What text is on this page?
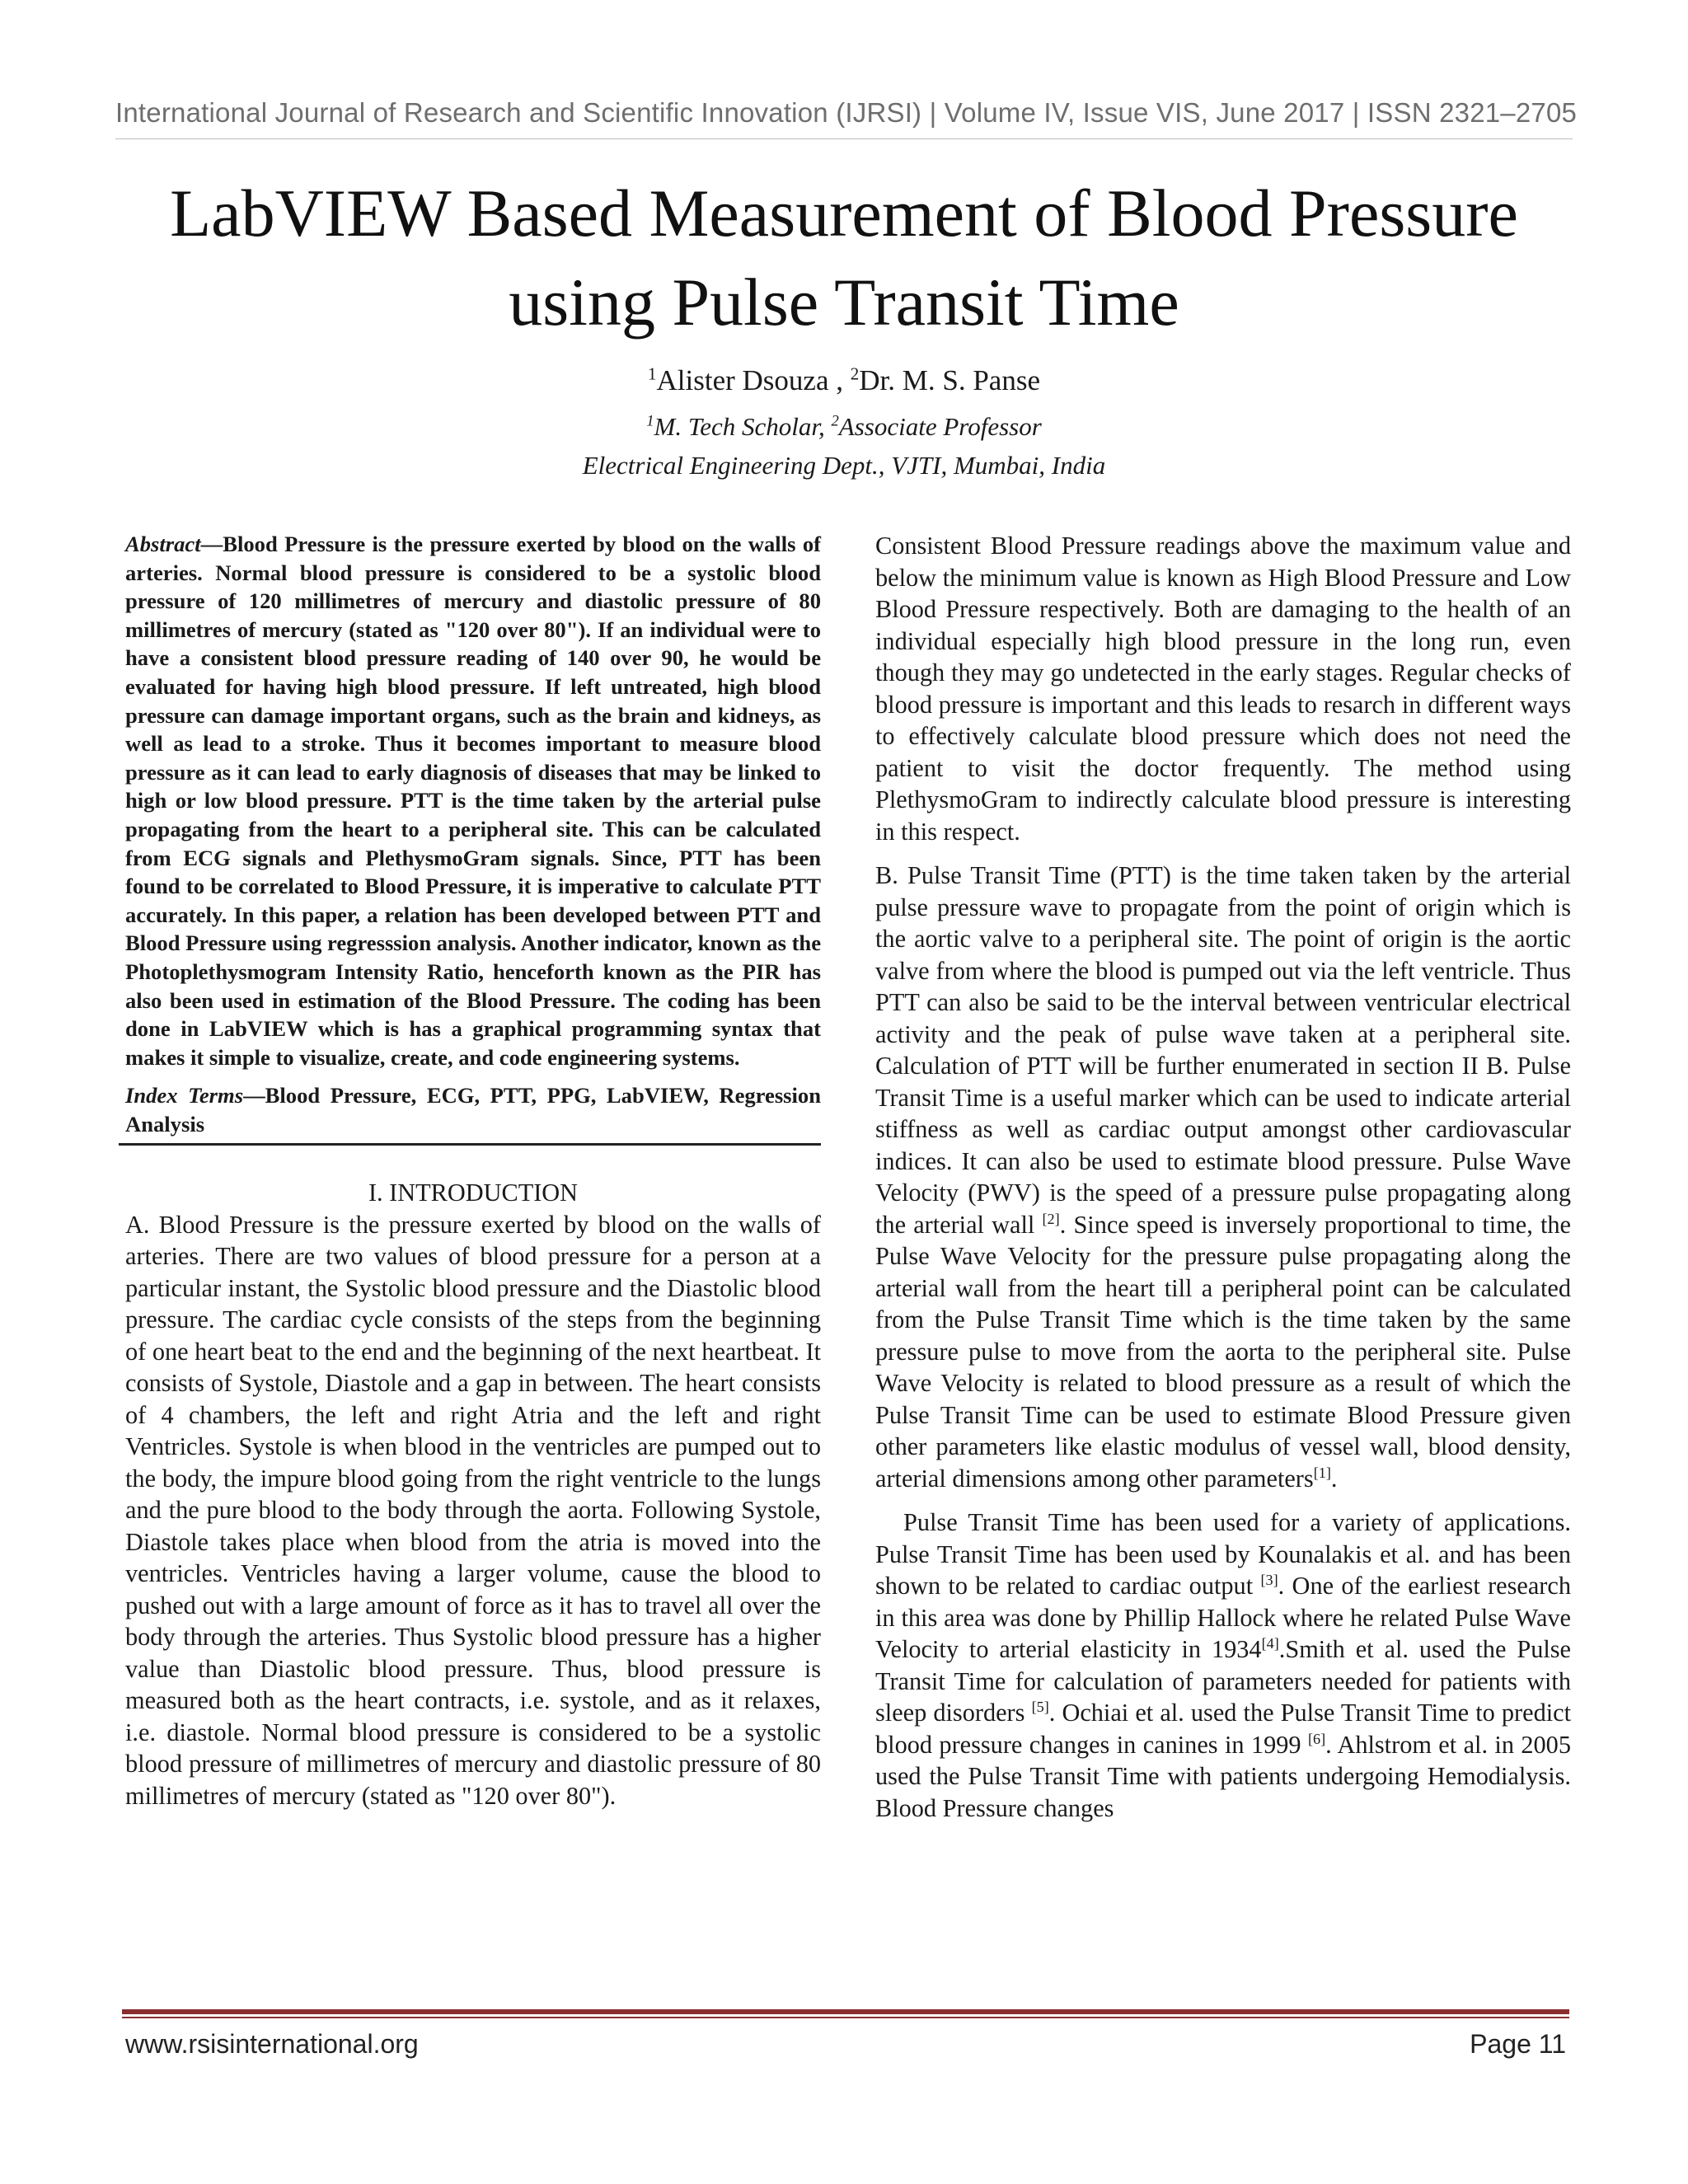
International Journal of Research and Scientific Innovation (IJRSI) | Volume IV, Issue VIS, June 2017 | ISSN 2321–2705
LabVIEW Based Measurement of Blood Pressure
using Pulse Transit Time
$^1$Alister Dsouza , $^2$Dr. M. S. Panse
$^1$M. Tech Scholar, $^2$Associate Professor
Electrical Engineering Dept., VJTI, Mumbai, India

Abstract—Blood Pressure is the pressure exerted by blood on the walls of arteries. Normal blood pressure is considered to be a systolic blood pressure of 120 millimetres of mercury and diastolic pressure of 80 millimetres of mercury (stated as "120 over 80"). If an individual were to have a consistent blood pressure reading of 140 over 90, he would be evaluated for having high blood pressure. If left untreated, high blood pressure can damage important organs, such as the brain and kidneys, as well as lead to a stroke. Thus it becomes important to measure blood pressure as it can lead to early diagnosis of diseases that may be linked to high or low blood pressure. PTT is the time taken by the arterial pulse propagating from the heart to a peripheral site. This can be calculated from ECG signals and PlethysmoGram signals. Since, PTT has been found to be correlated to Blood Pressure, it is imperative to calculate PTT accurately. In this paper, a relation has been developed between PTT and Blood Pressure using regresssion analysis. Another indicator, known as the Photoplethysmogram Intensity Ratio, henceforth known as the PIR has also been used in estimation of the Blood Pressure. The coding has been done in LabVIEW which is has a graphical programming syntax that makes it simple to visualize, create, and code engineering systems.

Index Terms—Blood Pressure, ECG, PTT, PPG, LabVIEW, Regression Analysis

I. INTRODUCTION

A. Blood Pressure is the pressure exerted by blood on the walls of arteries. There are two values of blood pressure for a person at a particular instant, the Systolic blood pressure and the Diastolic blood pressure. The cardiac cycle consists of the steps from the beginning of one heart beat to the end and the beginning of the next heartbeat. It consists of Systole, Diastole and a gap in between. The heart consists of 4 chambers, the left and right Atria and the left and right Ventricles. Systole is when blood in the ventricles are pumped out to the body, the impure blood going from the right ventricle to the lungs and the pure blood to the body through the aorta. Following Systole, Diastole takes place when blood from the atria is moved into the ventricles. Ventricles having a larger volume, cause the blood to pushed out with a large amount of force as it has to travel all over the body through the arteries. Thus Systolic blood pressure has a higher value than Diastolic blood pressure. Thus, blood pressure is measured both as the heart contracts, i.e. systole, and as it relaxes, i.e. diastole. Normal blood pressure is considered to be a systolic blood pressure of millimetres of mercury and diastolic pressure of 80 millimetres of mercury (stated as "120 over 80").

Consistent Blood Pressure readings above the maximum value and below the minimum value is known as High Blood Pressure and Low Blood Pressure respectively. Both are damaging to the health of an individual especially high blood pressure in the long run, even though they may go undetected in the early stages. Regular checks of blood pressure is important and this leads to resarch in different ways to effectively calculate blood pressure which does not need the patient to visit the doctor frequently. The method using PlethysmoGram to indirectly calculate blood pressure is interesting in this respect.

B. Pulse Transit Time (PTT) is the time taken taken by the arterial pulse pressure wave to propagate from the point of origin which is the aortic valve to a peripheral site. The point of origin is the aortic valve from where the blood is pumped out via the left ventricle. Thus PTT can also be said to be the interval between ventricular electrical activity and the peak of pulse wave taken at a peripheral site. Calculation of PTT will be further enumerated in section II B. Pulse Transit Time is a useful marker which can be used to indicate arterial stiffness as well as cardiac output amongst other cardiovascular indices. It can also be used to estimate blood pressure. Pulse Wave Velocity (PWV) is the speed of a pressure pulse propagating along the arterial wall [2]. Since speed is inversely proportional to time, the Pulse Wave Velocity for the pressure pulse propagating along the arterial wall from the heart till a peripheral point can be calculated from the Pulse Transit Time which is the time taken by the same pressure pulse to move from the aorta to the peripheral site. Pulse Wave Velocity is related to blood pressure as a result of which the Pulse Transit Time can be used to estimate Blood Pressure given other parameters like elastic modulus of vessel wall, blood density, arterial dimensions among other parameters[1].

Pulse Transit Time has been used for a variety of applications. Pulse Transit Time has been used by Kounalakis et al. and has been shown to be related to cardiac output [3]. One of the earliest research in this area was done by Phillip Hallock where he related Pulse Wave Velocity to arterial elasticity in 1934[4].Smith et al. used the Pulse Transit Time for calculation of parameters needed for patients with sleep disorders [5]. Ochiai et al. used the Pulse Transit Time to predict blood pressure changes in canines in 1999 [6]. Ahlstrom et al. in 2005 used the Pulse Transit Time with patients undergoing Hemodialysis. Blood Pressure changes

www.rsisinternational.org	Page 11
